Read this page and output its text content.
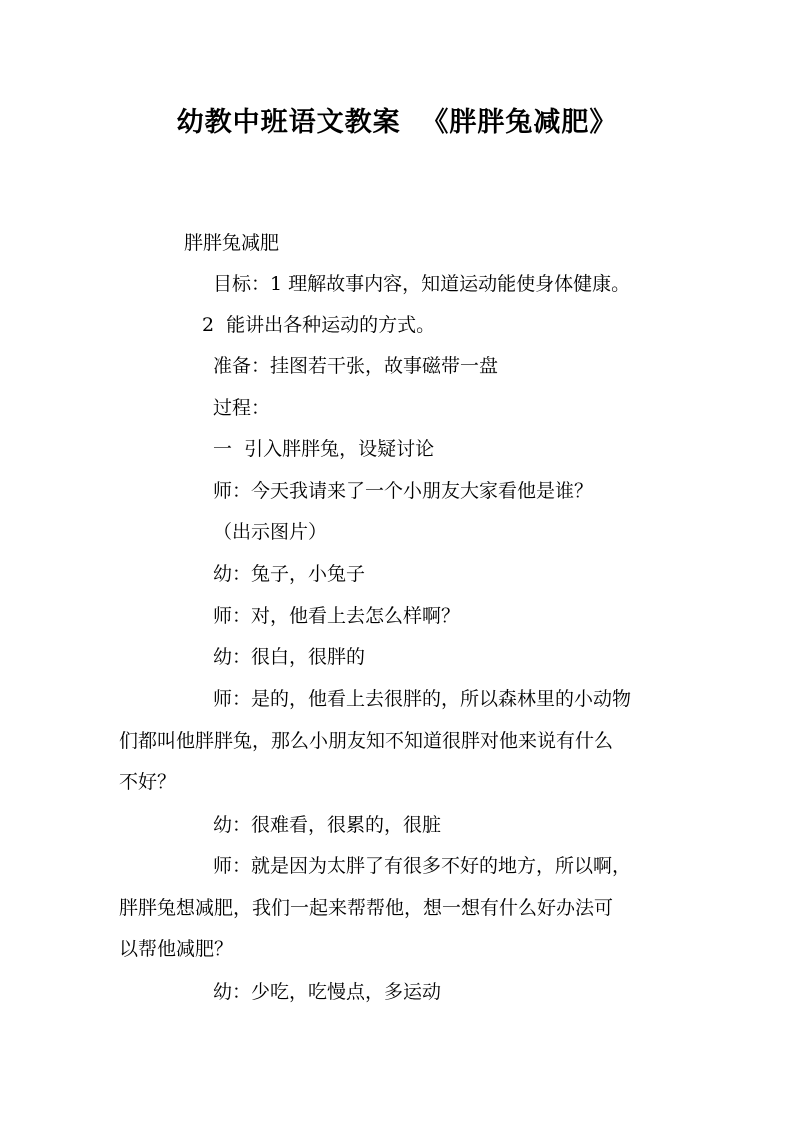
幼教中班语文教案  《胖胖兔减肥》
胖胖兔减肥
目标：1 理解故事内容，知道运动能使身体健康。
2  能讲出各种运动的方式。
准备：挂图若干张，故事磁带一盘
过程：
一  引入胖胖兔，设疑讨论
师：今天我请来了一个小朋友大家看他是谁？
（出示图片）
幼：兔子，小兔子
师：对，他看上去怎么样啊？
幼：很白，很胖的
师：是的，他看上去很胖的，所以森林里的小动物
们都叫他胖胖兔，那么小朋友知不知道很胖对他来说有什么
不好？
幼：很难看，很累的，很脏
师：就是因为太胖了有很多不好的地方，所以啊，
胖胖兔想减肥，我们一起来帮帮他，想一想有什么好办法可
以帮他减肥？
幼：少吃，吃慢点，多运动
